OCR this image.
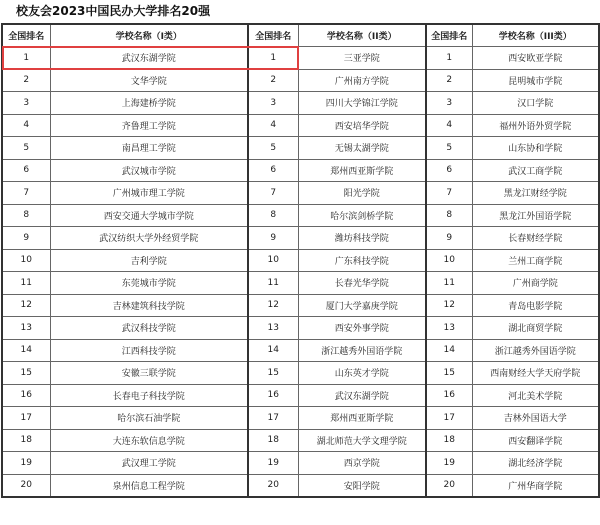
校友会2023中国民办大学排名20强
全国排名	学校名称（I类）	全国排名	学校名称（II类）	全国排名	学校名称（III类）
1	武汉东湖学院	1	三亚学院	1	西安欧亚学院
2	文华学院	2	广州南方学院	2	昆明城市学院
3	上海建桥学院	3	四川大学锦江学院	3	汉口学院
4	齐鲁理工学院	4	西安培华学院	4	福州外语外贸学院
5	南昌理工学院	5	无锡太湖学院	5	山东协和学院
6	武汉城市学院	6	郑州西亚斯学院	6	武汉工商学院
7	广州城市理工学院	7	阳光学院	7	黑龙江财经学院
8	西安交通大学城市学院	8	哈尔滨剑桥学院	8	黑龙江外国语学院
9	武汉纺织大学外经贸学院	9	潍坊科技学院	9	长春财经学院
10	吉利学院	10	广东科技学院	10	兰州工商学院
11	东莞城市学院	11	长春光华学院	11	广州商学院
12	吉林建筑科技学院	12	厦门大学嘉庚学院	12	青岛电影学院
13	武汉科技学院	13	西安外事学院	13	湖北商贸学院
14	江西科技学院	14	浙江越秀外国语学院	14	浙江越秀外国语学院
15	安徽三联学院	15	山东英才学院	15	西南财经大学天府学院
16	长春电子科技学院	16	武汉东湖学院	16	河北美术学院
17	哈尔滨石油学院	17	郑州西亚斯学院	17	吉林外国语大学
18	大连东软信息学院	18	湖北师范大学文理学院	18	西安翻译学院
19	武汉理工学院	19	西京学院	19	湖北经济学院
20	泉州信息工程学院	20	安阳学院	20	广州华商学院
